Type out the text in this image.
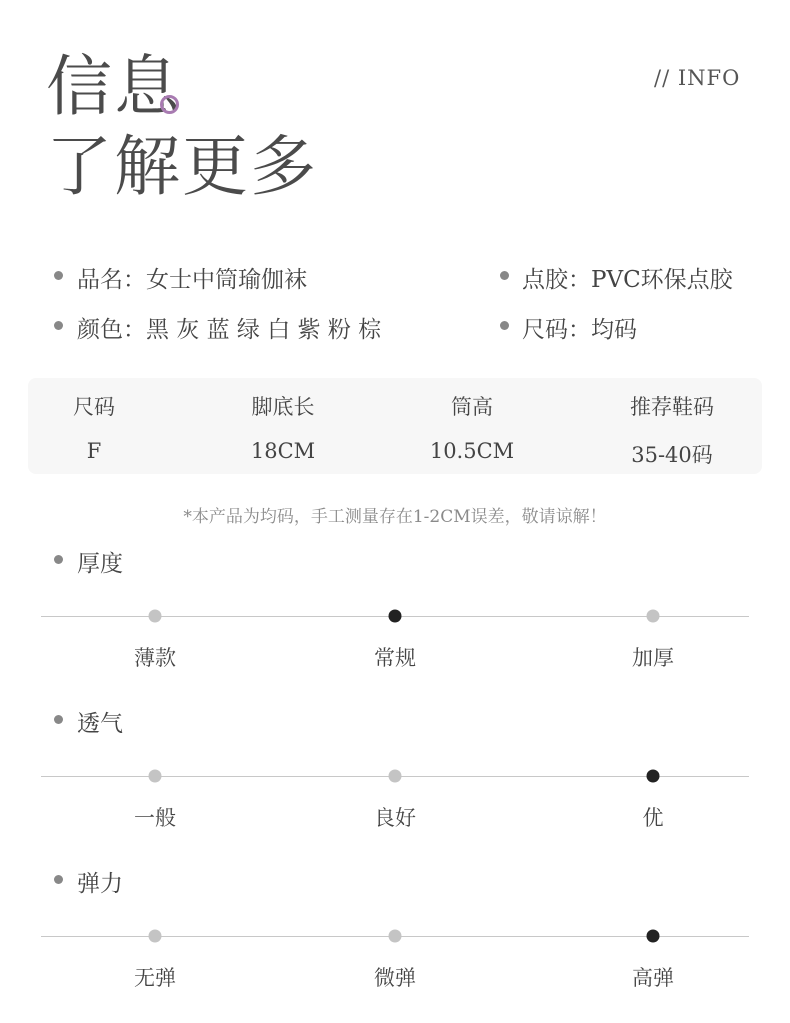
信息
了解更多
// INFO
品名：女士中筒瑜伽袜	点胶：PVC环保点胶
颜色：黑 灰 蓝 绿 白 紫 粉 棕	尺码：均码
尺码	脚底长	筒高	推荐鞋码
F	18CM	10.5CM	35-40码
*本产品为均码，手工测量存在1-2CM误差，敬请谅解！
厚度
薄款	常规	加厚
透气
一般	良好	优
弹力
无弹	微弹	高弹
